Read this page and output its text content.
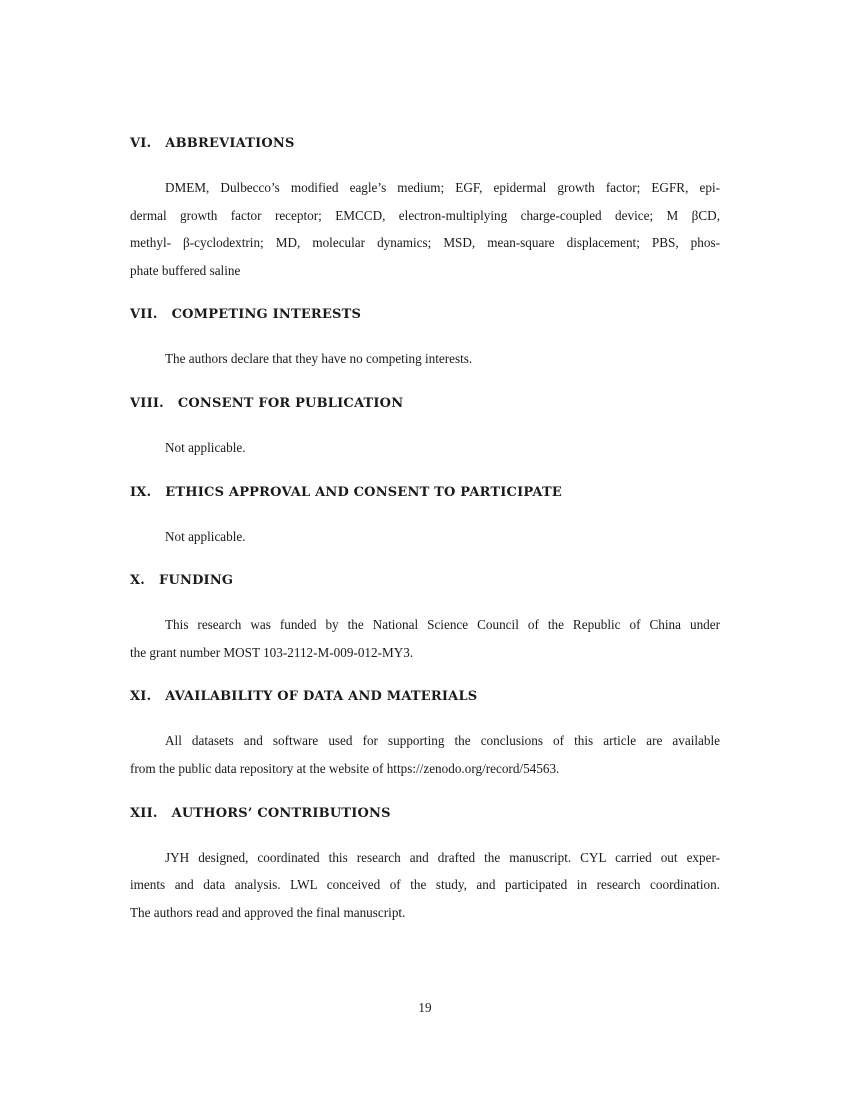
VI. ABBREVIATIONS
DMEM, Dulbecco’s modified eagle’s medium; EGF, epidermal growth factor; EGFR, epi-
dermal growth factor receptor; EMCCD, electron-multiplying charge-coupled device; M βCD,
methyl- β-cyclodextrin; MD, molecular dynamics; MSD, mean-square displacement; PBS, phos-
phate buffered saline
VII. COMPETING INTERESTS
The authors declare that they have no competing interests.
VIII. CONSENT FOR PUBLICATION
Not applicable.
IX. ETHICS APPROVAL AND CONSENT TO PARTICIPATE
Not applicable.
X. FUNDING
This research was funded by the National Science Council of the Republic of China under
the grant number MOST 103-2112-M-009-012-MY3.
XI. AVAILABILITY OF DATA AND MATERIALS
All datasets and software used for supporting the conclusions of this article are available
from the public data repository at the website of https://zenodo.org/record/54563.
XII. AUTHORS’ CONTRIBUTIONS
JYH designed, coordinated this research and drafted the manuscript. CYL carried out exper-
iments and data analysis. LWL conceived of the study, and participated in research coordination.
The authors read and approved the final manuscript.
19
